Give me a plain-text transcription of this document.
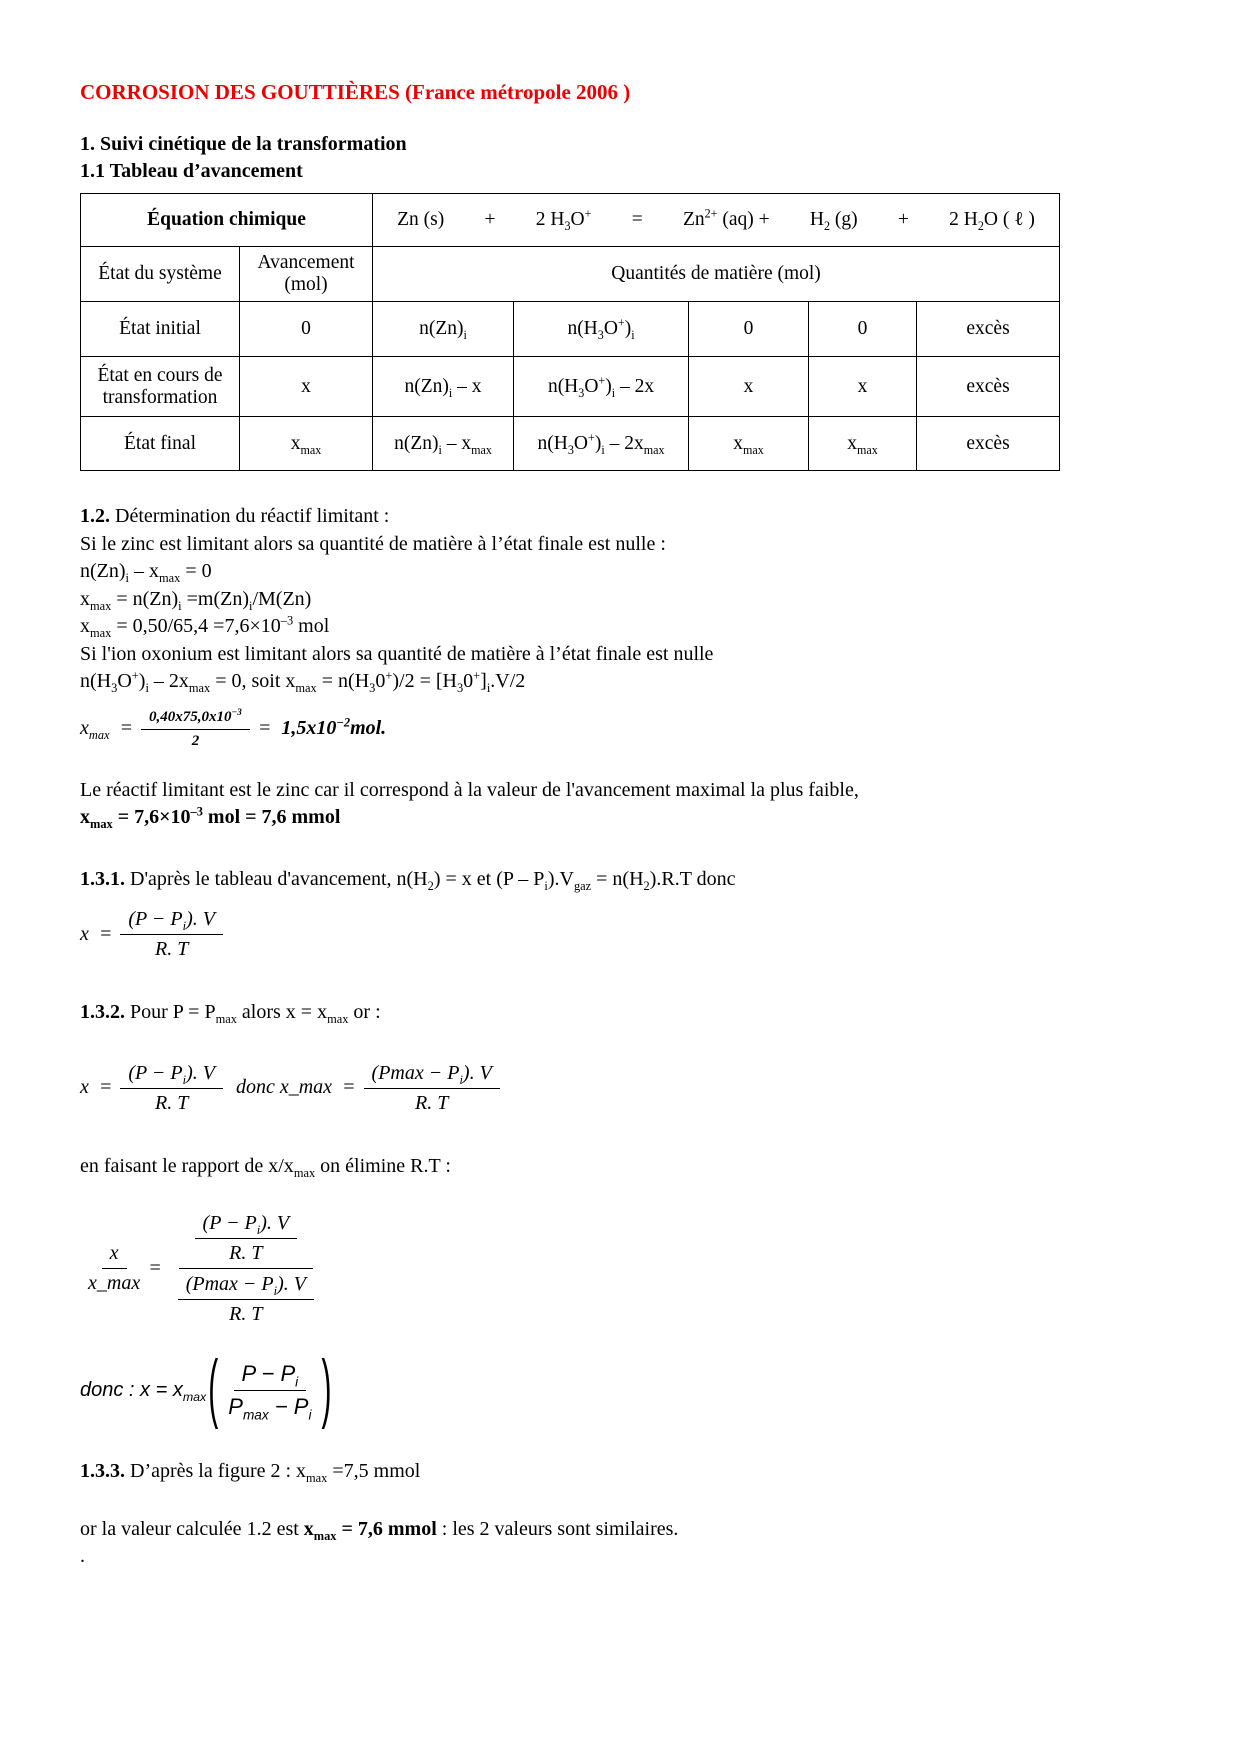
CORROSION DES GOUTTIÈRES (France métropole 2006 )

1. Suivi cinétique de la transformation

1.1 Tableau d’avancement

Équation chimique	Zn (s) + 2 $H_3O^+ = Zn^{2+}$ $(aq) + H_2$ (g) + 2 $H_2O$ ( ℓ )

État du système	Avancement (mol)	Quantités de matière (mol)				
État initial	0	$n(Zn)_i$	$n(H_3O^+)_i$	0	0	excès
État en cours de transformation	x	$n(Zn)_i$ – x	$n(H_3O^+)_i - 2x$	x	x	excès
État final	$x_{max}$	$n(Zn)_i - x_{max}$	$n(H_3O^+)_i - 2x_{max}$	$x_{max}$	$x_{max}$	excès

1.2. Détermination du réactif limitant :

Si le zinc est limitant alors sa quantité de matière à l’état finale est nulle :

$n(Zn)_i - x_{max} = 0$

$x_{max} = n(Zn)_i =m(Zn)_i/M(Zn)$

$x_{max} = 0,50/65,4 =7,6\times 10^{-3}$ mol

Si l'ion oxonium est limitant alors sa quantité de matière à l’état finale est nulle

$n(H_3O^+)_i - 2x_{max} = 0$, soit $x_{max} = n(H_30^+)/2 = [H_30^+]_i.V/2$

$x_{max} = \frac{0,40x75,0x10^{-3}}{2} = 1,5x10^{-2}mol$.

Le réactif limitant est le zinc car il correspond à la valeur de l'avancement maximal la plus faible,

$x_{max} = 7,6\times 10^{-3}$ mol = 7,6 mmol

1.3.1. D'après le tableau d'avancement, $n(H_2) = x$ et $(P - P_i).V_{gaz} = n(H_2).R.T$ donc

$x = \frac{(P - P_i). V}{R. T}$

1.3.2. Pour $P = P_{max}$ alors $x = x_{max}$ or :

$x = \frac{(P - P_i). V}{R. T}$ donc x_max  = $\frac{(Pmax - P_i). V}{R. T}$

en faisant le rapport de $x/x_{max}$ on élimine R.T :

$\frac{x}{x\_\max} = \frac{\frac{(P - P_i). V}{R. T}}{\frac{(Pmax - P_i). V}{R. T}}$
donc : $x = x_{max}$ ( $\frac{P - P_i}{P_{max} - P_i}$ )

1.3.3. D’après la figure 2 : $x_{max} =7,5$ mmol

or la valeur calculée 1.2 est $x_{max} = 7,6$ mmol : les 2 valeurs sont similaires.

.
